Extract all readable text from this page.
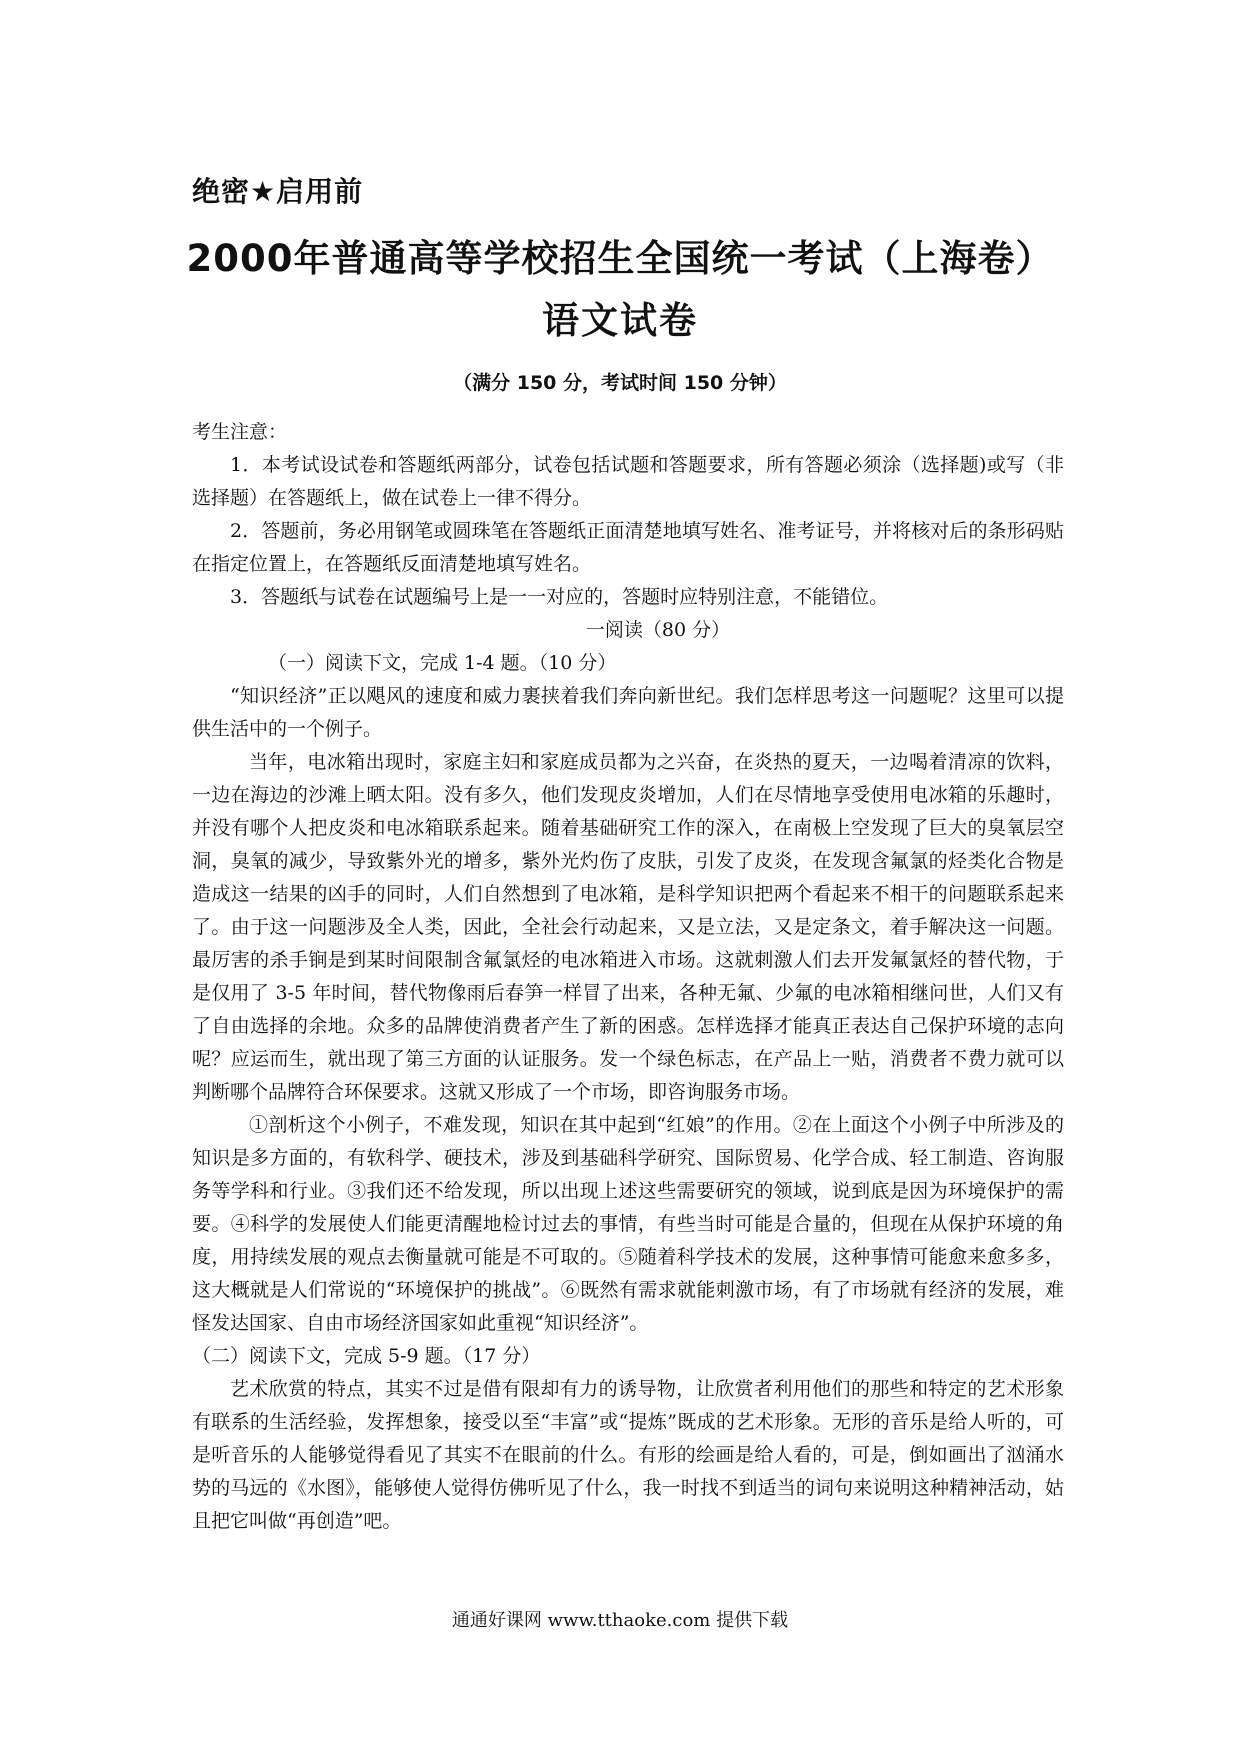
绝密★启用前
2000年普通高等学校招生全国统一考试（上海卷）
语文试卷
（满分 150 分，考试时间 150 分钟）

考生注意：

1．本考试设试卷和答题纸两部分，试卷包括试题和答题要求，所有答题必须涂（选择题)或写（非选择题）在答题纸上，做在试卷上一律不得分。

2．答题前，务必用钢笔或圆珠笔在答题纸正面清楚地填写姓名、准考证号，并将核对后的条形码贴在指定位置上，在答题纸反面清楚地填写姓名。

3．答题纸与试卷在试题编号上是一一对应的，答题时应特别注意，不能错位。

一阅读（80 分）

（一）阅读下文，完成 1-4 题。（10 分）

“知识经济”正以飓风的速度和威力裹挟着我们奔向新世纪。我们怎样思考这一问题呢？这里可以提供生活中的一个例子。

当年，电冰箱出现时，家庭主妇和家庭成员都为之兴奋，在炎热的夏天，一边喝着清凉的饮料，一边在海边的沙滩上晒太阳。没有多久，他们发现皮炎增加，人们在尽情地享受使用电冰箱的乐趣时，并没有哪个人把皮炎和电冰箱联系起来。随着基础研究工作的深入，在南极上空发现了巨大的臭氧层空洞，臭氧的减少，导致紫外光的增多，紫外光灼伤了皮肤，引发了皮炎，在发现含氟氯的烃类化合物是造成这一结果的凶手的同时，人们自然想到了电冰箱，是科学知识把两个看起来不相干的问题联系起来了。由于这一问题涉及全人类，因此，全社会行动起来，又是立法，又是定条文，着手解决这一问题。最厉害的杀手锏是到某时间限制含氟氯烃的电冰箱进入市场。这就刺激人们去开发氟氯烃的替代物，于是仅用了 3-5 年时间，替代物像雨后春笋一样冒了出来，各种无氟、少氟的电冰箱相继问世，人们又有了自由选择的余地。众多的品牌使消费者产生了新的困惑。怎样选择才能真正表达自己保护环境的志向呢？应运而生，就出现了第三方面的认证服务。发一个绿色标志，在产品上一贴，消费者不费力就可以判断哪个品牌符合环保要求。这就又形成了一个市场，即咨询服务市场。

①剖析这个小例子，不难发现，知识在其中起到“红娘”的作用。②在上面这个小例子中所涉及的知识是多方面的，有软科学、硬技术，涉及到基础科学研究、国际贸易、化学合成、轻工制造、咨询服务等学科和行业。③我们还不给发现，所以出现上述这些需要研究的领域，说到底是因为环境保护的需要。④科学的发展使人们能更清醒地检讨过去的事情，有些当时可能是合量的，但现在从保护环境的角度，用持续发展的观点去衡量就可能是不可取的。⑤随着科学技术的发展，这种事情可能愈来愈多多，这大概就是人们常说的“环境保护的挑战”。⑥既然有需求就能刺激市场，有了市场就有经济的发展，难怪发达国家、自由市场经济国家如此重视“知识经济”。

（二）阅读下文，完成 5-9 题。（17 分）

艺术欣赏的特点，其实不过是借有限却有力的诱导物，让欣赏者利用他们的那些和特定的艺术形象有联系的生活经验，发挥想象，接受以至“丰富”或“提炼”既成的艺术形象。无形的音乐是给人听的，可是听音乐的人能够觉得看见了其实不在眼前的什么。有形的绘画是给人看的，可是，倒如画出了汹涌水势的马远的《水图》，能够使人觉得仿佛听见了什么，我一时找不到适当的词句来说明这种精神活动，姑且把它叫做“再创造”吧。

通通好课网 www.tthaoke.com 提供下载
